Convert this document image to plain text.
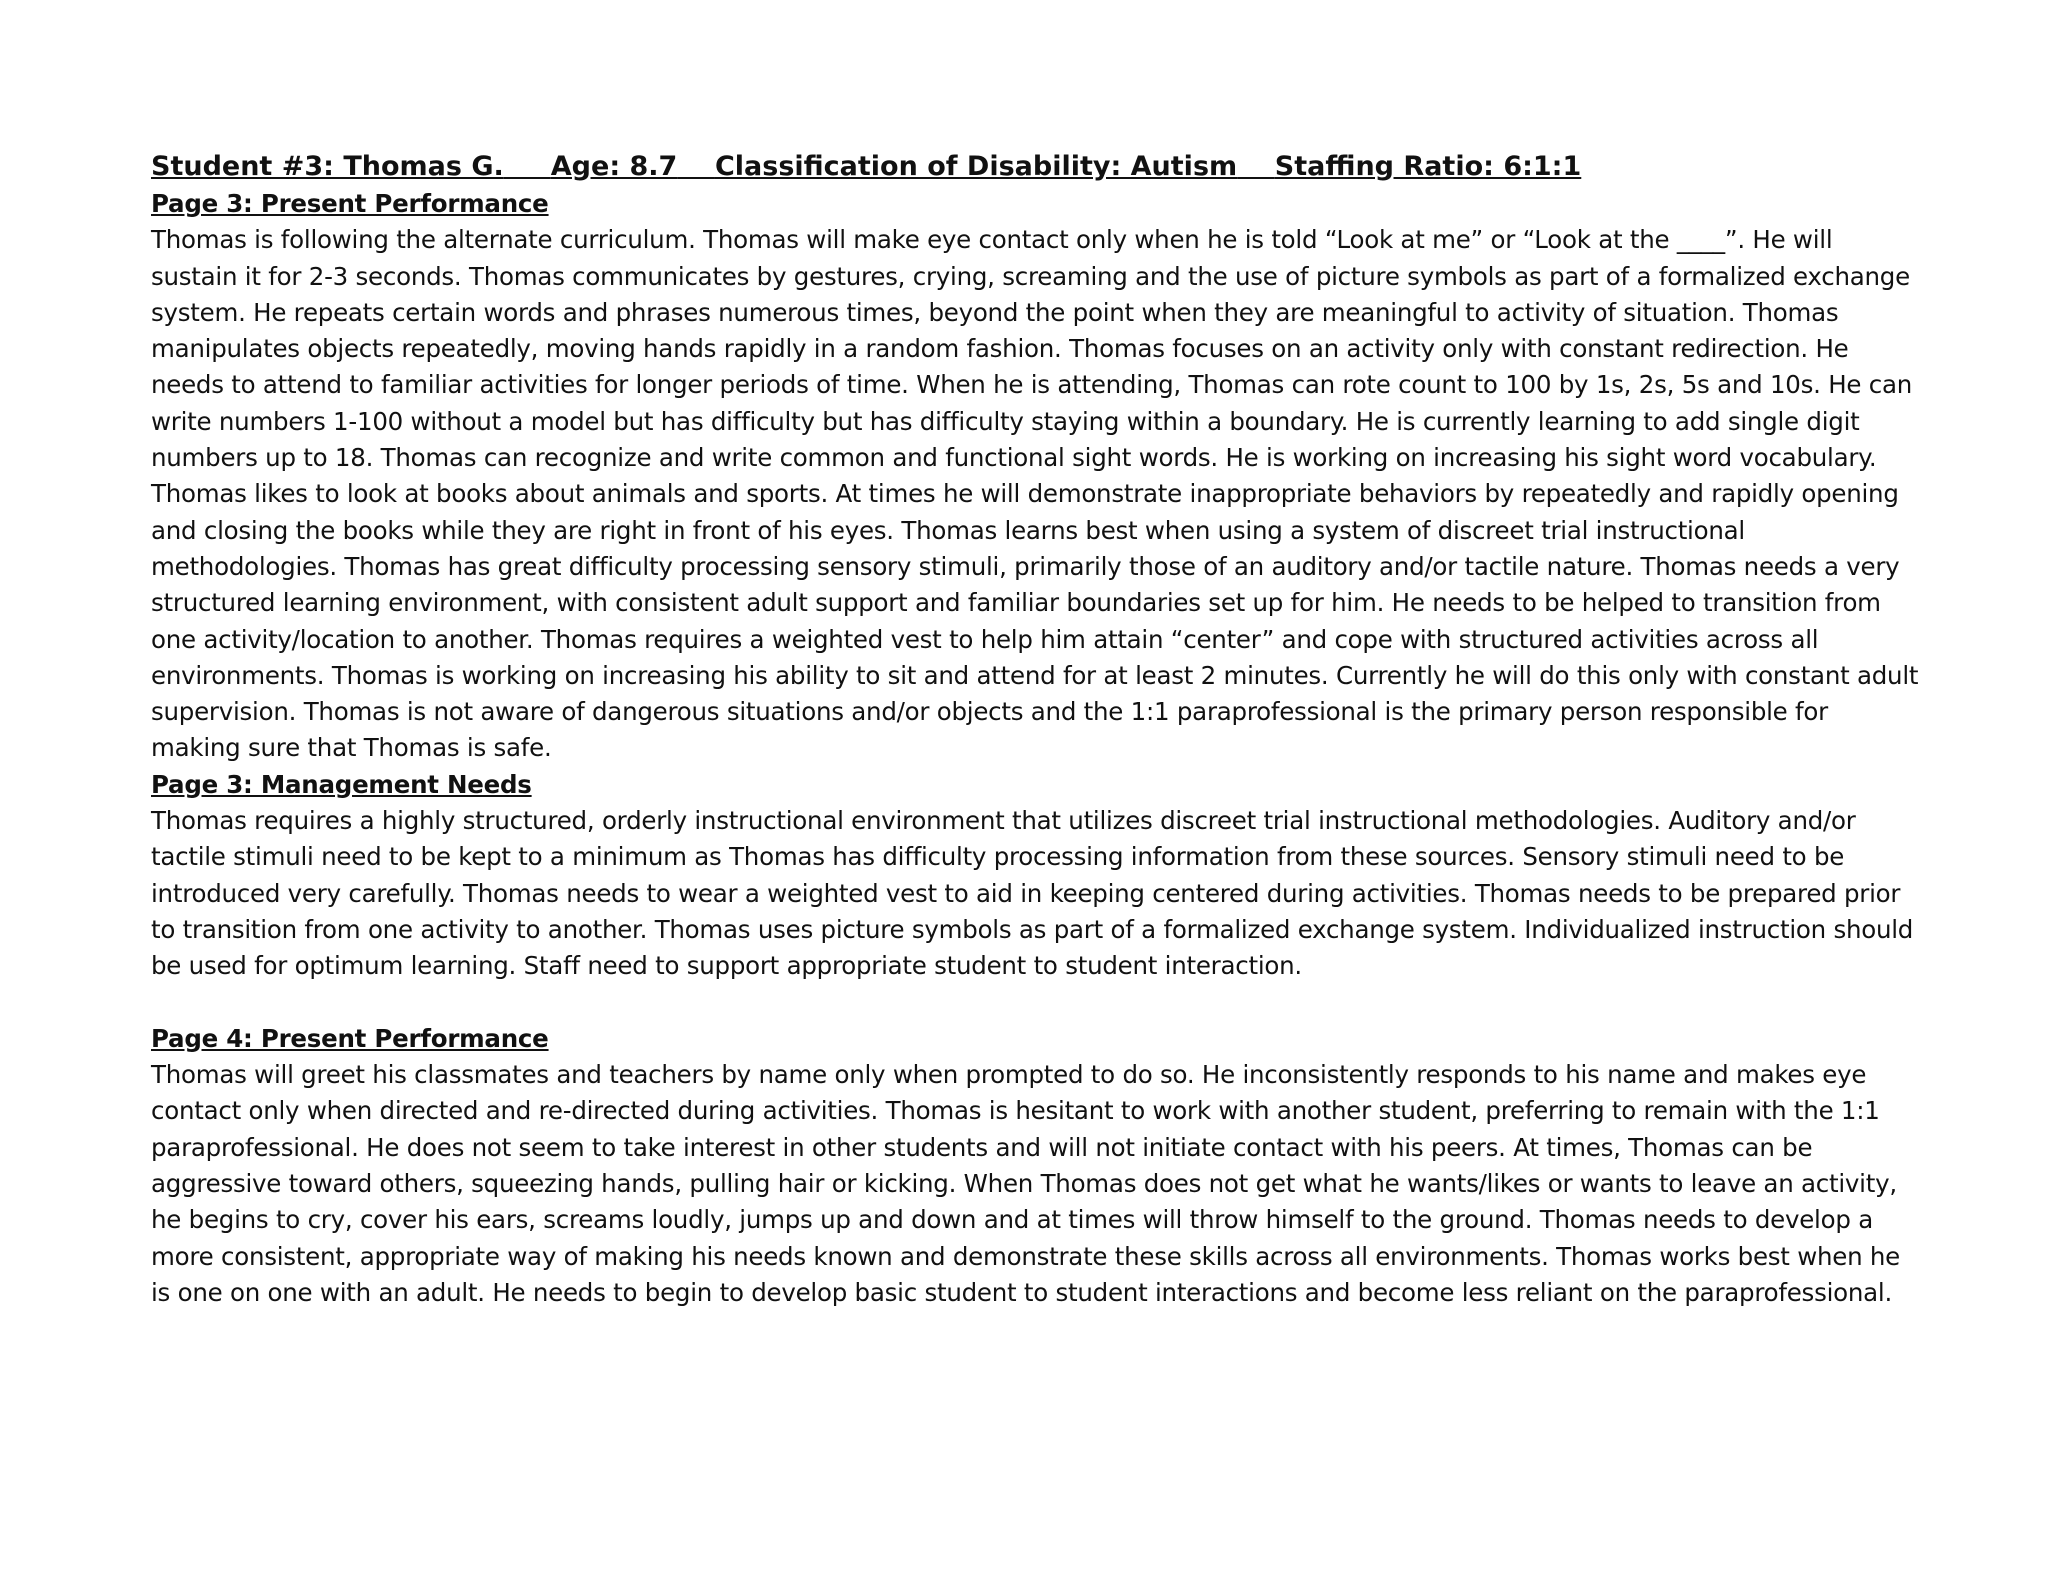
Student #3: Thomas G. Age: 8.7 Classification of Disability: Autism Staffing Ratio: 6:1:1
Page 3: Present Performance

Thomas is following the alternate curriculum. Thomas will make eye contact only when he is told “Look at me” or “Look at the ____”. He will sustain it for 2-3 seconds. Thomas communicates by gestures, crying, screaming and the use of picture symbols as part of a formalized exchange system. He repeats certain words and phrases numerous times, beyond the point when they are meaningful to activity of situation. Thomas manipulates objects repeatedly, moving hands rapidly in a random fashion. Thomas focuses on an activity only with constant redirection. He needs to attend to familiar activities for longer periods of time. When he is attending, Thomas can rote count to 100 by 1s, 2s, 5s and 10s. He can write numbers 1-100 without a model but has difficulty but has difficulty staying within a boundary. He is currently learning to add single digit numbers up to 18. Thomas can recognize and write common and functional sight words. He is working on increasing his sight word vocabulary.

Thomas likes to look at books about animals and sports. At times he will demonstrate inappropriate behaviors by repeatedly and rapidly opening and closing the books while they are right in front of his eyes. Thomas learns best when using a system of discreet trial instructional methodologies. Thomas has great difficulty processing sensory stimuli, primarily those of an auditory and/or tactile nature. Thomas needs a very structured learning environment, with consistent adult support and familiar boundaries set up for him. He needs to be helped to transition from one activity/location to another. Thomas requires a weighted vest to help him attain “center” and cope with structured activities across all environments. Thomas is working on increasing his ability to sit and attend for at least 2 minutes. Currently he will do this only with constant adult supervision. Thomas is not aware of dangerous situations and/or objects and the 1:1 paraprofessional is the primary person responsible for making sure that Thomas is safe.

Page 3: Management Needs

Thomas requires a highly structured, orderly instructional environment that utilizes discreet trial instructional methodologies. Auditory and/or tactile stimuli need to be kept to a minimum as Thomas has difficulty processing information from these sources. Sensory stimuli need to be introduced very carefully. Thomas needs to wear a weighted vest to aid in keeping centered during activities. Thomas needs to be prepared prior to transition from one activity to another. Thomas uses picture symbols as part of a formalized exchange system. Individualized instruction should be used for optimum learning. Staff need to support appropriate student to student interaction.

Page 4: Present Performance

Thomas will greet his classmates and teachers by name only when prompted to do so. He inconsistently responds to his name and makes eye contact only when directed and re-directed during activities. Thomas is hesitant to work with another student, preferring to remain with the 1:1 paraprofessional. He does not seem to take interest in other students and will not initiate contact with his peers. At times, Thomas can be aggressive toward others, squeezing hands, pulling hair or kicking. When Thomas does not get what he wants/likes or wants to leave an activity, he begins to cry, cover his ears, screams loudly, jumps up and down and at times will throw himself to the ground. Thomas needs to develop a more consistent, appropriate way of making his needs known and demonstrate these skills across all environments. Thomas works best when he is one on one with an adult. He needs to begin to develop basic student to student interactions and become less reliant on the paraprofessional.
